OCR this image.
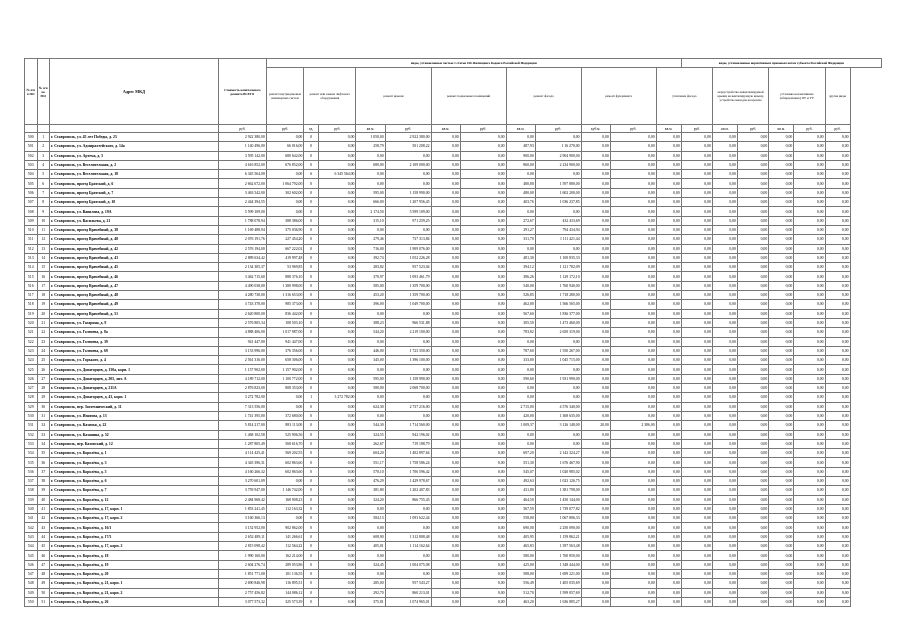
№ п/п в ПО	№ п/п по МО	Адрес МКД	Стоимость капитального ремонта ВСЕГО	виды, установленные частью 1 статьи 166 Жилищного Кодекса Российской Федерации												виды, установленные нормативным правовым актом субъекта Российской Федерации					
				ремонт внутридомовых инженерных систем	ремонт или замена лифтового оборудования		ремонт крыши		ремонт подвальных помещений		ремонт фасада		ремонт фундамента		утепление фасада		переустройство невентилируемой крыши на вентилируемую крышу, устройство выходов на кровлю		установка коллективных (общедомовых) ПУ и УУ		другие виды
			руб.	руб.	ед.	руб.	кв.м.	руб.	кв.м.	руб.	кв.м.	руб.	куб.м.	руб.	кв.м.	руб.	кв.м.	руб.	кв.м.	руб.	руб.
500	1	г. Ставрополь, ул. 45 лет Победы, д. 23	2 922 380,00	0,00	0	0,00	1 050,00	2 922 380,00	0,00	0,00	0,00	0,00	0,00	0,00	0,00	0,00	0,00	0,00	0,00	0,00	0,00
501	2	г. Ставрополь, ул. Адмиралтейского, д. 14а	1 140 496,00	66 016,00	0	0,00	258,79	501 208,22	0,00	0,00	487,93	1 16 270,00	0,00	0,00	0,00	0,00	0,00	0,00	0,00	0,00	0,00
502	3	г. Ставрополь, ул. Артема, д. 5	3 595 142,00	680 642,00	0	0,00	0,00	0,00	0,00	0,00	900,00	2 904 900,00	0,00	0,00	0,00	0,00	0,00	0,00	0,00	0,00	0,00
503	4	г. Ставрополь, ул. Веселительная, д. 2	4 616 852,00	676 852,00	0	0,00	680,00	2 109 000,00	0,00	0,00	860,00	2 234 900,00	0,00	0,00	0,00	0,00	0,00	0,00	0,00	0,00	0,00
504	5	г. Ставрополь, ул. Веселительная, д. 18	6 345 564,00	0,00	6	6 345 564,00	0,00	0,00	0,00	0,00	0,00	0,00	0,00	0,00	0,00	0,00	0,00	0,00	0,00	0,00	0,00
505	6	г. Ставрополь, проезд Братский, д. 6	2 662 672,00	1 064 792,00	0	0,00	0,00	0,00	0,00	0,00	480,80	1 597 880,00	0,00	0,00	0,00	0,00	0,00	0,00	0,00	0,00	0,00
506	7	г. Ставрополь, проезд Братский, д. 7	3 463 542,00	302 602,00	0	0,00	595,00	1 158 990,00	0,00	0,00	480,00	1 602 200,00	0,00	0,00	0,00	0,00	0,00	0,00	0,00	0,00	0,00
507	8	г. Ставрополь, проезд Братский, д. 10	2 444 394,55	0,00	0	0,00	666,00	1 207 956,45	0,00	0,00	403,76	1 036 237,85	0,00	0,00	0,00	0,00	0,00	0,00	0,00	0,00	0,00
508	9	г. Ставрополь, ул. Вавилова, д. 19А	5 599 109,00	0,00	0	0,00	2 174,50	5 599 109,00	0,00	0,00	0,00	0,00	0,00	0,00	0,00	0,00	0,00	0,00	0,00	0,00	0,00
509	10	г. Ставрополь, ул. Васильева, д. 21	1 788 078,94	388 386,00	0	0,00	315,10	971 259,25	0,00	0,00	272,67	432 433,69	0,00	0,00	0,00	0,00	0,00	0,00	0,00	0,00	0,00
510	11	г. Ставрополь, проезд Врачебный, д. 38	1 169 488,94	375 036,90	0	0,00	0,00	0,00	0,00	0,00	291,27	794 434,94	0,00	0,00	0,00	0,00	0,00	0,00	0,00	0,00	0,00
511	12	г. Ставрополь, проезд Врачебный, д. 40	2 076 191,76	227 454,20	0	0,00	279,46	737 313,84	0,00	0,00	331,70	1 111 421,44	0,00	0,00	0,00	0,00	0,00	0,00	0,00	0,00	0,00
512	13	г. Ставрополь, проезд Врачебный, д. 42	2 576 194,00	667 222,02	0	0,00	716,00	1 909 076,00	0,00	0,00	0,00	0,00	0,00	0,00	0,00	0,00	0,00	0,00	0,00	0,00	0,00
513	14	г. Ставрополь, проезд Врачебный, д. 43	2 889 634,42	419 997,48	0	0,00	392,74	1 052 226,28	0,00	0,00	481,30	1 100 835,33	0,00	0,00	0,00	0,00	0,00	0,00	0,00	0,00	0,00
514	15	г. Ставрополь, проезд Врачебный, д. 45	2 134 305,37	53 969,85	0	0,00	283,82	957 523,04	0,00	0,00	394,12	1 121 782,09	0,00	0,00	0,00	0,00	0,00	0,00	0,00	0,00	0,00
515	16	г. Ставрополь, проезд Врачебный, д. 46	3 462 715,60	888 376,10	0	0,00	370,97	1 093 461,79	0,00	0,00	386,26	1 129 172,10	0,00	0,00	0,00	0,00	0,00	0,00	0,00	0,00	0,00
516	17	г. Ставрополь, проезд Врачебный, д. 47	4 490 038,00	1 380 998,00	0	0,00	585,00	1 359 700,00	0,00	0,00	540,00	1 760 940,00	0,00	0,00	0,00	0,00	0,00	0,00	0,00	0,00	0,00
517	18	г. Ставрополь, проезд Врачебный, д. 48	4 280 738,00	1 316 653,00	0	0,00	453,20	1 359 700,00	0,00	0,00	526,85	1 718 280,00	0,00	0,00	0,00	0,00	0,00	0,00	0,00	0,00	0,00
518	19	г. Ставрополь, проезд Врачебный, д. 49	3 743 378,00	985 373,00	0	0,00	396,00	1 049 700,00	0,00	0,00	462,00	1 566 565,00	0,00	0,00	0,00	0,00	0,00	0,00	0,00	0,00	0,00
519	20	г. Ставрополь, проезд Врачебный, д. 51	2 620 800,00	836 442,00	0	0,00	0,00	0,00	0,00	0,00	567,60	1 836 377,00	0,00	0,00	0,00	0,00	0,00	0,00	0,00	0,00	0,00
520	21	г. Ставрополь, ул. Гагарина, д. 9	2 576 805,34	108 503,10	0	0,00	388,23	966 531,88	0,00	0,00	305,50	1 473 460,00	0,00	0,00	0,00	0,00	0,00	0,00	0,00	0,00	0,00
521	22	г. Ставрополь, ул. Голенева, д. 8а	4 888 406,00	1 017 987,00	0	0,00	544,20	2 219 100,00	0,00	0,00	783,82	2 650 319,00	0,00	0,00	0,00	0,00	0,00	0,00	0,00	0,00	0,00
522	23	г. Ставрополь, ул. Голенева, д. 39	941 447,00	941 447,00	0	0,00	0,00	0,00	0,00	0,00	0,00	0,00	0,00	0,00	0,00	0,00	0,00	0,00	0,00	0,00	0,00
523	24	г. Ставрополь, ул. Голенева, д. 69	3 153 996,00	376 356,00	0	0,00	446,00	1 723 350,00	0,00	0,00	787,60	1 550 267,00	0,00	0,00	0,00	0,00	0,00	0,00	0,00	0,00	0,00
524	25	г. Ставрополь, ул. Горького, д. 4	2 561 316,00	658 306,00	0	0,00	345,00	1 396 100,00	0,00	0,00	333,00	1 045 715,00	0,00	0,00	0,00	0,00	0,00	0,00	0,00	0,00	0,00
525	26	г. Ставрополь, ул. Доваторцев, д. 130а, корп. 1	1 157 902,00	1 157 902,00	0	0,00	0,00	0,00	0,00	0,00	0,00	0,00	0,00	0,00	0,00	0,00	0,00	0,00	0,00	0,00	0,00
526	27	г. Ставрополь, ул. Доваторцев, д. 205, лит. А	4 189 712,00	1 100 772,00	0	0,00	595,00	1 158 990,00	0,00	0,00	590,60	1 931 990,00	0,00	0,00	0,00	0,00	0,00	0,00	0,00	0,00	0,00
527	28	г. Ставрополь, ул. Доваторцев, д. 211А	2 876 823,00	808 353,00	0	0,00	580,00	2 068 700,00	0,00	0,00	0,00	0,00	0,00	0,00	0,00	0,00	0,00	0,00	0,00	0,00	0,00
528	29	г. Ставрополь, ул. Доваторцев, д. 43, корп. 1	3 272 782,00	0,00	1	3 272 782,00	0,00	0,00	0,00	0,00	0,00	0,00	0,00	0,00	0,00	0,00	0,00	0,00	0,00	0,00	0,00
529	30	г. Ставрополь, пер. Зоотехнический, д. 11	7 313 556,00	0,00	0	0,00	624,30	2 737 216,00	0,00	0,00	2 715,00	4 576 340,00	0,00	0,00	0,00	0,00	0,00	0,00	0,00	0,00	0,00
530	31	г. Ставрополь, ул. Ипатова, д. 13	1 741 395,00	372 680,00	0	0,00	0,00	0,00	0,00	0,00	420,00	1 368 635,00	0,00	0,00	0,00	0,00	0,00	0,00	0,00	0,00	0,00
531	32	г. Ставрополь, ул. Казачья, д. 22	5 814 217,00	883 113,00	0	0,00	544,30	1 714 560,00	0,00	0,00	1 009,37	3 126 148,00	20,00	2 386,00	0,00	0,00	0,00	0,00	0,00	0,00	0,00
532	33	г. Ставрополь, ул. Казанина, д. 52	1 468 102,58	525 906,56	0	0,00	324,55	942 196,02	0,00	0,00	0,00	0,00	0,00	0,00	0,00	0,00	0,00	0,00	0,00	0,00	0,00
533	34	г. Ставрополь, пер. Каховский, д. 12	1 287 805,49	568 616,70	0	0,00	262,67	719 188,79	0,00	0,00	0,00	0,00	0,00	0,00	0,00	0,00	0,00	0,00	0,00	0,00	0,00
534	35	г. Ставрополь, ул. Королёва, д. 1	4 114 425,41	569 202,55	0	0,00	604,20	1 402 897,64	0,00	0,00	697,20	2 142 324,27	0,00	0,00	0,00	0,00	0,00	0,00	0,00	0,00	0,00
535	36	г. Ставрополь, ул. Королёва, д. 3	4 345 396,31	602 863,60	0	0,00	551,17	1 758 586,24	0,00	0,00	551,30	1 676 467,90	0,00	0,00	0,00	0,00	0,00	0,00	0,00	0,00	0,00
536	37	г. Ставрополь, ул. Королёва, д. 5	4 160 266,32	602 863,60	0	0,00	570,10	1 706 596,42	0,00	0,00	545,07	1 020 985,02	0,00	0,00	0,00	0,00	0,00	0,00	0,00	0,00	0,00
537	38	г. Ставрополь, ул. Королёва, д. 6	3 270 601,09	0,00	0	0,00	476,29	1 429 978,67	0,00	0,00	492,63	1 023 126,75	0,00	0,00	0,00	0,00	0,00	0,00	0,00	0,00	0,00
538	39	г. Ставрополь, ул. Королёва, д. 7	3 759 947,00	1 146 742,00	0	0,00	381,80	1 202 407,83	0,00	0,00	431,80	1 381 798,00	0,00	0,00	0,00	0,00	0,00	0,00	0,00	0,00	0,00
539	40	г. Ставрополь, ул. Королёва, д. 12	2 484 968,42	168 908,23	0	0,00	324,20	866 755,45	0,00	0,00	464,50	1 450 144,00	0,00	0,00	0,00	0,00	0,00	0,00	0,00	0,00	0,00
540	41	г. Ставрополь, ул. Королёва, д. 17, корп. 1	1 853 241,45	112 163,32	0	0,00	0,00	0,00	0,00	0,00	567,59	1 739 077,82	0,00	0,00	0,00	0,00	0,00	0,00	0,00	0,00	0,00
541	42	г. Ставрополь, ул. Королёва, д. 17, корп. 2	3 160 366,13	0,00	0	0,00	584,13	1 093 622,44	0,00	0,00	558,00	1 067 806,33	0,00	0,00	0,00	0,00	0,00	0,00	0,00	0,00	0,00
542	43	г. Ставрополь, ул. Королёва, д. 16/1	3 152 952,00	902 862,00	0	0,00	0,00	0,00	0,00	0,00	690,00	2 250 090,00	0,00	0,00	0,00	0,00	0,00	0,00	0,00	0,00	0,00
543	44	г. Ставрополь, ул. Королёва, д. 17/3	2 652 489,11	141 266,61	0	0,00	608,90	1 312 808,48	0,00	0,00	405,95	1 159 862,21	0,00	0,00	0,00	0,00	0,00	0,00	0,00	0,00	0,00
544	45	г. Ставрополь, ул. Королёва, д. 17, корп. 2	2 815 098,42	112 564,22	0	0,00	405,01	1 114 162,64	0,00	0,00	465,83	1 397 563,48	0,00	0,00	0,00	0,00	0,00	0,00	0,00	0,00	0,00
545	46	г. Ставрополь, ул. Королёва, д. 18	1 990 160,00	162 214,00	0	0,00	0,00	0,00	0,00	0,00	580,00	1 760 850,00	0,00	0,00	0,00	0,00	0,00	0,00	0,00	0,00	0,00
546	47	г. Ставрополь, ул. Королёва, д. 19	2 604 276,74	289 053,86	0	0,00	324,45	1 004 075,08	0,00	0,00	425,00	1 348 444,00	0,00	0,00	0,00	0,00	0,00	0,00	0,00	0,00	0,00
547	48	г. Ставрополь, ул. Королёва, д. 20	1 851 771,00	101 136,55	0	0,00	0,00	0,00	0,00	0,00	588,00	1 699 221,00	0,00	0,00	0,00	0,00	0,00	0,00	0,00	0,00	0,00
548	49	г. Ставрополь, ул. Королёва, д. 21, корп. 1	2 690 846,98	116 895,51	0	0,00	285,00	957 543,27	0,00	0,00	556,49	1 405 035,69	0,00	0,00	0,00	0,00	0,00	0,00	0,00	0,00	0,00
549	50	г. Ставрополь, ул. Королёва, д. 21, корп. 2	2 757 456,82	144 086,12	0	0,00	292,70	860 213,01	0,00	0,00	512,70	1 599 057,69	0,00	0,00	0,00	0,00	0,00	0,00	0,00	0,00	0,00
550	51	г. Ставрополь, ул. Королёва, д. 26	3 077 573,32	325 573,39	0	0,00	375,81	1 074 965,01	0,00	0,00	463,20	1 636 885,27	0,00	0,00	0,00	0,00	0,00	0,00	0,00	0,00	0,00
